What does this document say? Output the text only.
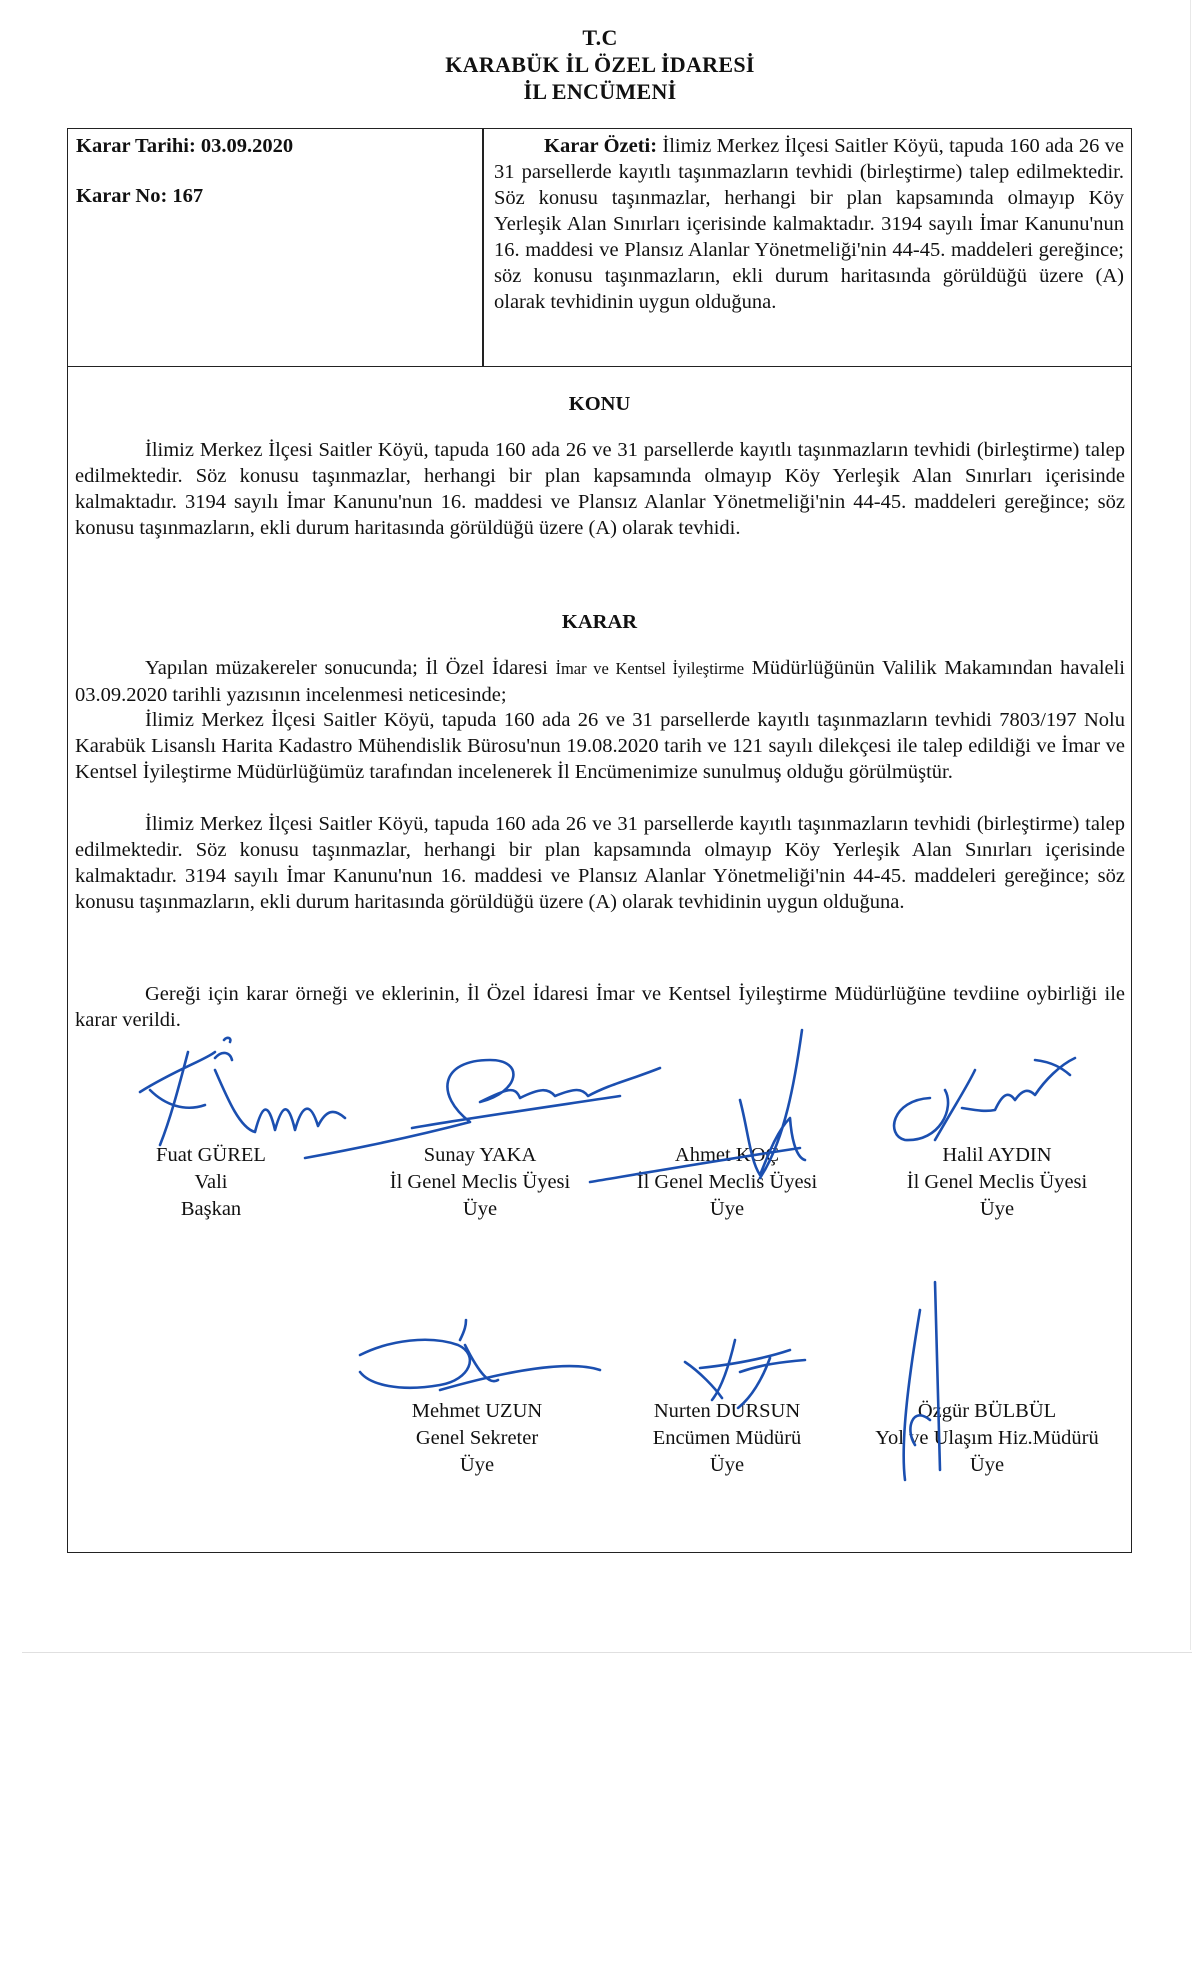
T.C
KARABÜK İL ÖZEL İDARESİ
İL ENCÜMENİ
Karar Tarihi: 03.09.2020
Karar No: 167
Karar Özeti: İlimiz Merkez İlçesi Saitler Köyü, tapuda 160 ada 26 ve 31 parsellerde kayıtlı taşınmazların tevhidi (birleştirme) talep edilmektedir. Söz konusu taşınmazlar, herhangi bir plan kapsamında olmayıp Köy Yerleşik Alan Sınırları içerisinde kalmaktadır. 3194 sayılı İmar Kanunu'nun 16. maddesi ve Plansız Alanlar Yönetmeliği'nin 44-45. maddeleri gereğince; söz konusu taşınmazların, ekli durum haritasında görüldüğü üzere (A) olarak tevhidinin uygun olduğuna.
KONU
İlimiz Merkez İlçesi Saitler Köyü, tapuda 160 ada 26 ve 31 parsellerde kayıtlı taşınmazların tevhidi (birleştirme) talep edilmektedir. Söz konusu taşınmazlar, herhangi bir plan kapsamında olmayıp Köy Yerleşik Alan Sınırları içerisinde kalmaktadır. 3194 sayılı İmar Kanunu'nun 16. maddesi ve Plansız Alanlar Yönetmeliği'nin 44-45. maddeleri gereğince; söz konusu taşınmazların, ekli durum haritasında görüldüğü üzere (A) olarak tevhidi.
KARAR
Yapılan müzakereler sonucunda; İl Özel İdaresi İmar ve Kentsel İyileştirme Müdürlüğünün Valilik Makamından havaleli 03.09.2020 tarihli yazısının incelenmesi neticesinde;
İlimiz Merkez İlçesi Saitler Köyü, tapuda 160 ada 26 ve 31 parsellerde kayıtlı taşınmazların tevhidi 7803/197 Nolu Karabük Lisanslı Harita Kadastro Mühendislik Bürosu'nun 19.08.2020 tarih ve 121 sayılı dilekçesi ile talep edildiği ve İmar ve Kentsel İyileştirme Müdürlüğümüz tarafından incelenerek İl Encümenimize sunulmuş olduğu görülmüştür.
İlimiz Merkez İlçesi Saitler Köyü, tapuda 160 ada 26 ve 31 parsellerde kayıtlı taşınmazların tevhidi (birleştirme) talep edilmektedir. Söz konusu taşınmazlar, herhangi bir plan kapsamında olmayıp Köy Yerleşik Alan Sınırları içerisinde kalmaktadır. 3194 sayılı İmar Kanunu'nun 16. maddesi ve Plansız Alanlar Yönetmeliği'nin 44-45. maddeleri gereğince; söz konusu taşınmazların, ekli durum haritasında görüldüğü üzere (A) olarak tevhidinin uygun olduğuna.
Gereği için karar örneği ve eklerinin, İl Özel İdaresi İmar ve Kentsel İyileştirme Müdürlüğüne tevdiine oybirliği ile karar verildi.
Fuat GÜREL
Vali
Başkan
Sunay YAKA
İl Genel Meclis Üyesi
Üye
Ahmet KOÇ
İl Genel Meclis Üyesi
Üye
Halil AYDIN
İl Genel Meclis Üyesi
Üye
Mehmet UZUN
Genel Sekreter
Üye
Nurten DURSUN
Encümen Müdürü
Üye
Özgür BÜLBÜL
Yol ve Ulaşım Hiz.Müdürü
Üye
